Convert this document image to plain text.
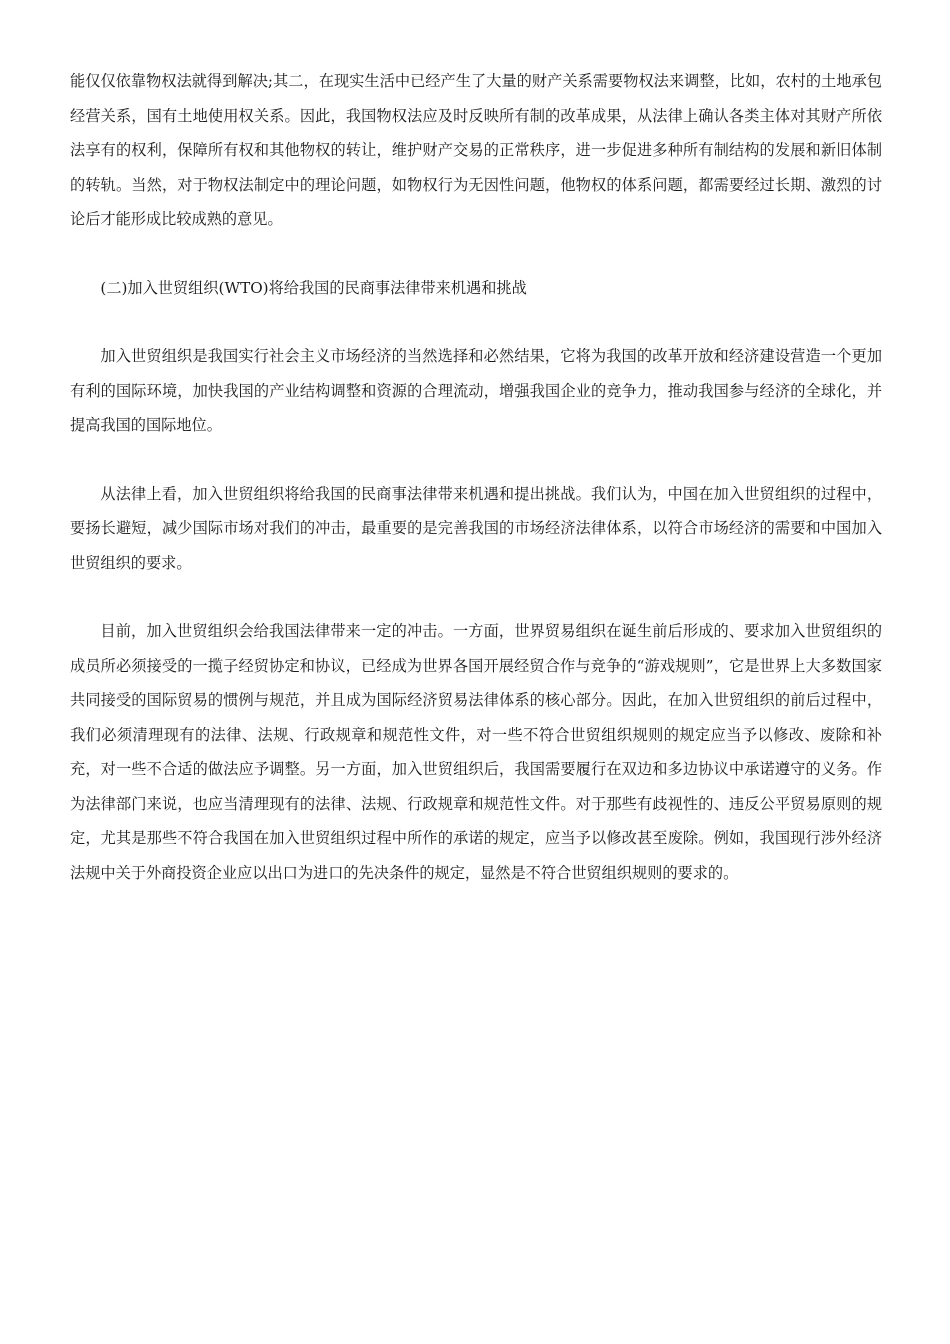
能仅仅依靠物权法就得到解决;其二，在现实生活中已经产生了大量的财产关系需要物权法来调整，比如，农村的土地承包经营关系，国有土地使用权关系。因此，我国物权法应及时反映所有制的改革成果，从法律上确认各类主体对其财产所依法享有的权利，保障所有权和其他物权的转让，维护财产交易的正常秩序，进一步促进多种所有制结构的发展和新旧体制的转轨。当然，对于物权法制定中的理论问题，如物权行为无因性问题，他物权的体系问题，都需要经过长期、激烈的讨论后才能形成比较成熟的意见。

(二)加入世贸组织(WTO)将给我国的民商事法律带来机遇和挑战

加入世贸组织是我国实行社会主义市场经济的当然选择和必然结果，它将为我国的改革开放和经济建设营造一个更加有利的国际环境，加快我国的产业结构调整和资源的合理流动，增强我国企业的竞争力，推动我国参与经济的全球化，并提高我国的国际地位。

从法律上看，加入世贸组织将给我国的民商事法律带来机遇和提出挑战。我们认为，中国在加入世贸组织的过程中，要扬长避短，减少国际市场对我们的冲击，最重要的是完善我国的市场经济法律体系，以符合市场经济的需要和中国加入世贸组织的要求。

目前，加入世贸组织会给我国法律带来一定的冲击。一方面，世界贸易组织在诞生前后形成的、要求加入世贸组织的成员所必须接受的一揽子经贸协定和协议，已经成为世界各国开展经贸合作与竞争的“游戏规则”，它是世界上大多数国家共同接受的国际贸易的惯例与规范，并且成为国际经济贸易法律体系的核心部分。因此，在加入世贸组织的前后过程中，我们必须清理现有的法律、法规、行政规章和规范性文件，对一些不符合世贸组织规则的规定应当予以修改、废除和补充，对一些不合适的做法应予调整。另一方面，加入世贸组织后，我国需要履行在双边和多边协议中承诺遵守的义务。作为法律部门来说，也应当清理现有的法律、法规、行政规章和规范性文件。对于那些有歧视性的、违反公平贸易原则的规定，尤其是那些不符合我国在加入世贸组织过程中所作的承诺的规定，应当予以修改甚至废除。例如，我国现行涉外经济法规中关于外商投资企业应以出口为进口的先决条件的规定，显然是不符合世贸组织规则的要求的。
